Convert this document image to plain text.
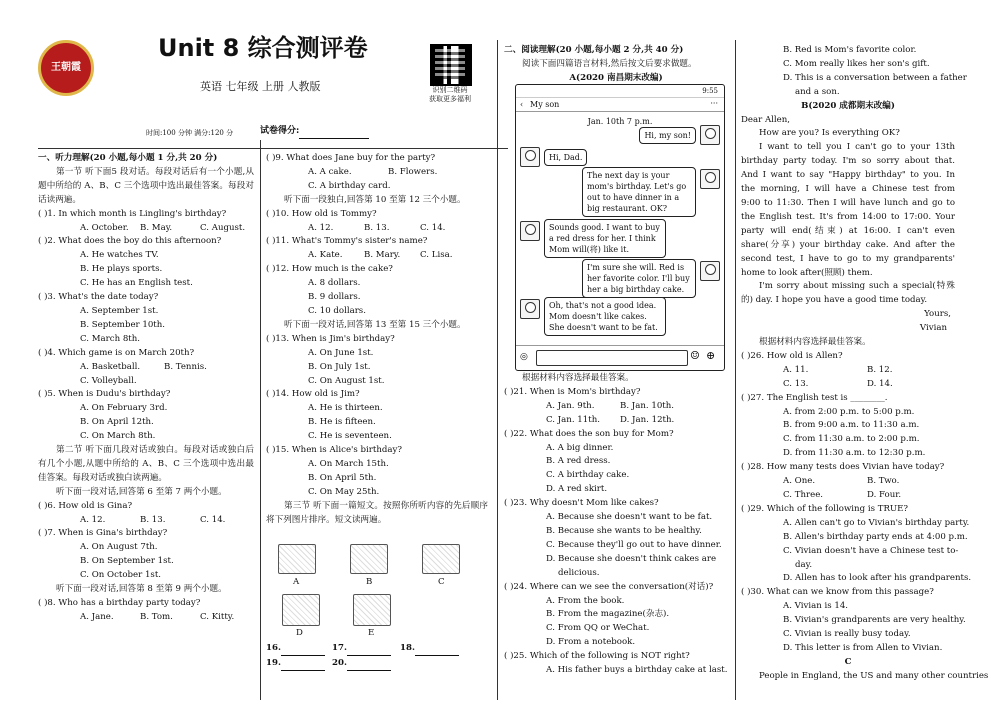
王朝霞
Unit 8 综合测评卷
英语 七年级 上册 人教版	识别二维码
获取更多福利
时间:100 分钟 满分:120 分	试卷得分:
一、听力理解(20 小题,每小题 1 分,共 20 分)
第一节 听下面5 段对话。每段对话后有一个小题,从题中所给的 A、B、C 三个选项中选出最佳答案。每段对话读两遍。
( )1. In which month is Lingling's birthday?
A. October.	B. May.	C. August.
( )2. What does the boy do this afternoon?
A. He watches TV.
B. He plays sports.
C. He has an English test.
( )3. What's the date today?
A. September 1st.
B. September 10th.
C. March 8th.
( )4. Which game is on March 20th?
A. Basketball.	B. Tennis.
C. Volleyball.
( )5. When is Dudu's birthday?
A. On February 3rd.
B. On April 12th.
C. On March 8th.
第二节 听下面几段对话或独白。每段对话或独白后有几个小题,从题中所给的 A、B、C 三个选项中选出最佳答案。每段对话或独白读两遍。
听下面一段对话,回答第 6 至第 7 两个小题。
( )6. How old is Gina?
A. 12.	B. 13.	C. 14.
( )7. When is Gina's birthday?
A. On August 7th.
B. On September 1st.
C. On October 1st.
听下面一段对话,回答第 8 至第 9 两个小题。
( )8. Who has a birthday party today?
A. Jane.	B. Tom.	C. Kitty.
( )9. What does Jane buy for the party?
A. A cake.	B. Flowers.
C. A birthday card.
听下面一段独白,回答第 10 至第 12 三个小题。
( )10. How old is Tommy?
A. 12.	B. 13.	C. 14.
( )11. What's Tommy's sister's name?
A. Kate.	B. Mary.	C. Lisa.
( )12. How much is the cake?
A. 8 dollars.
B. 9 dollars.
C. 10 dollars.
听下面一段对话,回答第 13 至第 15 三个小题。
( )13. When is Jim's birthday?
A. On June 1st.
B. On July 1st.
C. On August 1st.
( )14. How old is Jim?
A. He is thirteen.
B. He is fifteen.
C. He is seventeen.
( )15. When is Alice's birthday?
A. On March 15th.
B. On April 5th.
C. On May 25th.
第三节 听下面一篇短文。按照你所听内容的先后顺序将下列图片排序。短文读两遍。
A	B	C
D	E
16.	17.	18.
19.	20.
二、阅读理解(20 小题,每小题 2 分,共 40 分)
阅读下面四篇语言材料,然后按文后要求做题。
A(2020 南昌期末改编)
9:55
‹ My son	···
Jan. 10th 7 p.m.
Hi, my son!
Hi, Dad.
The next day is your mom's birthday. Let's go out to have dinner in a big restaurant. OK?
Sounds good. I want to buy a red dress for her. I think Mom will(将) like it.
I'm sure she will. Red is her favorite color. I'll buy her a big birthday cake.
Oh, that's not a good idea. Mom doesn't like cakes. She doesn't want to be fat.
◎	☺ ⊕
根据材料内容选择最佳答案。
( )21. When is Mom's birthday?
A. Jan. 9th.	B. Jan. 10th.
C. Jan. 11th.	D. Jan. 12th.
( )22. What does the son buy for Mom?
A. A big dinner.
B. A red dress.
C. A birthday cake.
D. A red skirt.
( )23. Why doesn't Mom like cakes?
A. Because she doesn't want to be fat.
B. Because she wants to be healthy.
C. Because they'll go out to have dinner.
D. Because she doesn't think cakes are
delicious.
( )24. Where can we see the conversation(对话)?
A. From the book.
B. From the magazine(杂志).
C. From QQ or WeChat.
D. From a notebook.
( )25. Which of the following is NOT right?
A. His father buys a birthday cake at last.
B. Red is Mom's favorite color.
C. Mom really likes her son's gift.
D. This is a conversation between a father
and a son.
B(2020 成都期末改编)
Dear Allen,
How are you? Is everything OK?
I want to tell you I can't go to your 13th birthday party today. I'm so sorry about that. And I want to say "Happy birthday" to you. In the morning, I will have a Chinese test from 9:00 to 11:30. Then I will have lunch and go to the English test. It's from 14:00 to 17:00. Your party will end(结束) at 16:00. I can't even share(分享) your birthday cake. And after the second test, I have to go to my grandparents' home to look after(照顾) them.
I'm sorry about missing such a special(特殊的) day. I hope you have a good time today.
Yours,
Vivian
根据材料内容选择最佳答案。
( )26. How old is Allen?
A. 11.	B. 12.
C. 13.	D. 14.
( )27. The English test is ________.
A. from 2:00 p.m. to 5:00 p.m.
B. from 9:00 a.m. to 11:30 a.m.
C. from 11:30 a.m. to 2:00 p.m.
D. from 11:30 a.m. to 12:30 p.m.
( )28. How many tests does Vivian have today?
A. One.	B. Two.
C. Three.	D. Four.
( )29. Which of the following is TRUE?
A. Allen can't go to Vivian's birthday party.
B. Allen's birthday party ends at 4:00 p.m.
C. Vivian doesn't have a Chinese test to-
day.
D. Allen has to look after his grandparents.
( )30. What can we know from this passage?
A. Vivian is 14.
B. Vivian's grandparents are very healthy.
C. Vivian is really busy today.
D. This letter is from Allen to Vivian.
C
People in England, the US and many other countries
